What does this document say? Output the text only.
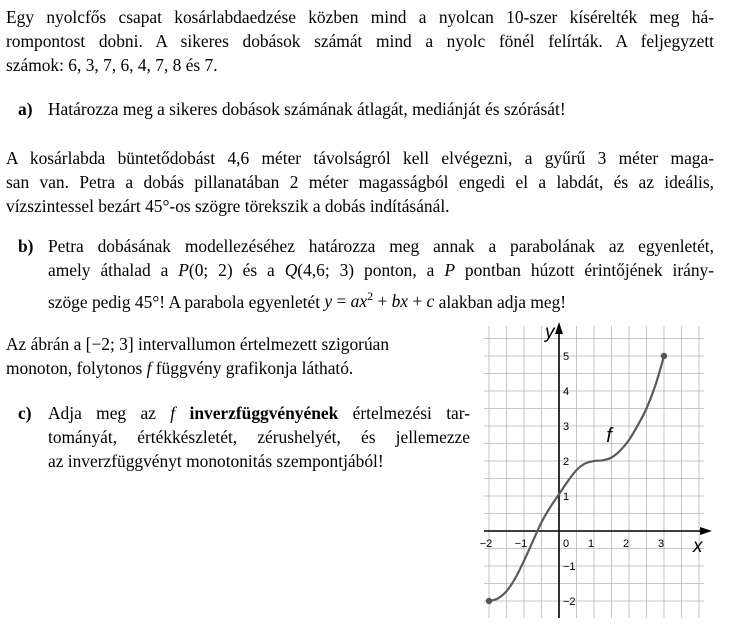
Egy nyolcfős csapat kosárlabdaedzése közben mind a nyolcan 10-szer kísérelték meg há-
rompontost dobni. A sikeres dobások számát mind a nyolc fönél felírták. A feljegyzett
számok: 6, 3, 7, 6, 4, 7, 8 és 7.
a) Határozza meg a sikeres dobások számának átlagát, mediánját és szórását!
A kosárlabda büntetődobást 4,6 méter távolságról kell elvégezni, a gyűrű 3 méter maga-
san van. Petra a dobás pillanatában 2 méter magasságból engedi el a labdát, és az ideális,
vízszintessel bezárt 45°-os szögre törekszik a dobás indításánál.
b) Petra dobásának modellezéséhez határozza meg annak a parabolának az egyenletét,
amely áthalad a P(0; 2) és a Q(4,6; 3) ponton, a P pontban húzott érintőjének irány-
szöge pedig 45°! A parabola egyenletét $y = ax^2$ + bx + c alakban adja meg!
Az ábrán a [−2; 3] intervallumon értelmezett szigorúan
monoton, folytonos f függvény grafikonja látható.
c) Adja meg az f inverzfüggvényének értelmezési tar-
tományát, értékkészletét, zérushelyét, és jellemezze
az inverzfüggvényt monotonitás szempontjából!
−2 −1	1	2	3
−2
−1
1
2
3
4
5
0	x
y
f
